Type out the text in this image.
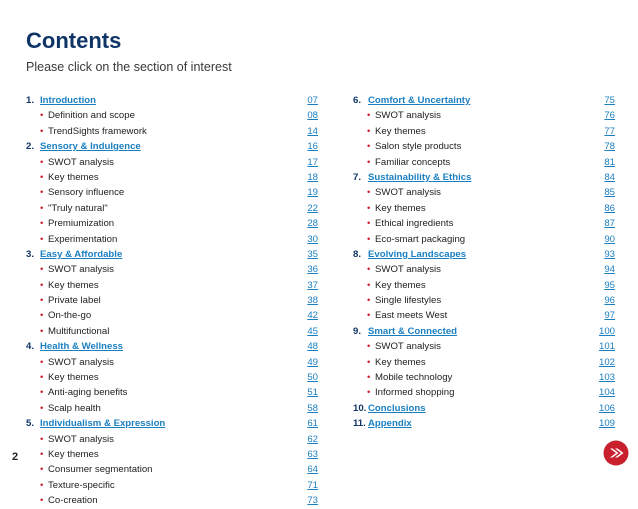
Contents
Please click on the section of interest
1. Introduction	07
• Definition and scope	08
• TrendSights framework	14
2. Sensory & Indulgence	16
• SWOT analysis	17
• Key themes	18
• Sensory influence	19
• "Truly natural"	22
• Premiumization	28
• Experimentation	30
3. Easy & Affordable	35
• SWOT analysis	36
• Key themes	37
• Private label	38
• On-the-go	42
• Multifunctional	45
4. Health & Wellness	48
• SWOT analysis	49
• Key themes	50
• Anti-aging benefits	51
• Scalp health	58
5. Individualism & Expression	61
• SWOT analysis	62
• Key themes	63
• Consumer segmentation	64
• Texture-specific	71
• Co-creation	73
6. Comfort & Uncertainty	75
• SWOT analysis	76
• Key themes	77
• Salon style products	78
• Familiar concepts	81
7. Sustainability & Ethics	84
• SWOT analysis	85
• Key themes	86
• Ethical ingredients	87
• Eco-smart packaging	90
8. Evolving Landscapes	93
• SWOT analysis	94
• Key themes	95
• Single lifestyles	96
• East meets West	97
9. Smart & Connected	100
• SWOT analysis	101
• Key themes	102
• Mobile technology	103
• Informed shopping	104
10. Conclusions	106
11. Appendix	109
2
